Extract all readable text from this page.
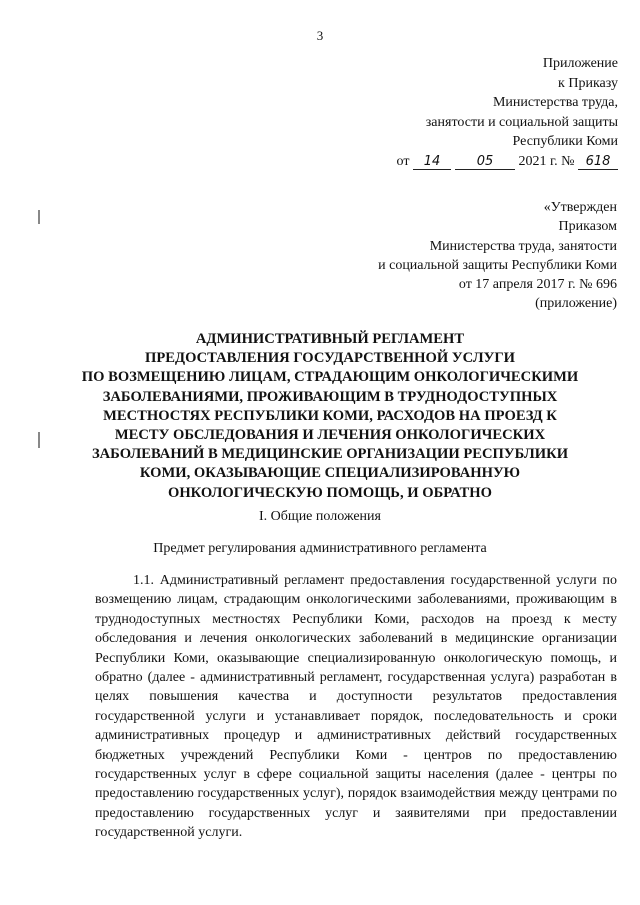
3
Приложение
к Приказу
Министерства труда,
занятости и социальной защиты
Республики Коми
от 14	05 2021 г. № 618
«Утвержден
Приказом
Министерства труда, занятости
и социальной защиты Республики Коми
от 17 апреля 2017 г. № 696
(приложение)
АДМИНИСТРАТИВНЫЙ РЕГЛАМЕНТ
ПРЕДОСТАВЛЕНИЯ ГОСУДАРСТВЕННОЙ УСЛУГИ
ПО ВОЗМЕЩЕНИЮ ЛИЦАМ, СТРАДАЮЩИМ ОНКОЛОГИЧЕСКИМИ
ЗАБОЛЕВАНИЯМИ, ПРОЖИВАЮЩИМ В ТРУДНОДОСТУПНЫХ
МЕСТНОСТЯХ РЕСПУБЛИКИ КОМИ, РАСХОДОВ НА ПРОЕЗД К
МЕСТУ ОБСЛЕДОВАНИЯ И ЛЕЧЕНИЯ ОНКОЛОГИЧЕСКИХ
ЗАБОЛЕВАНИЙ В МЕДИЦИНСКИЕ ОРГАНИЗАЦИИ РЕСПУБЛИКИ
КОМИ, ОКАЗЫВАЮЩИЕ СПЕЦИАЛИЗИРОВАННУЮ
ОНКОЛОГИЧЕСКУЮ ПОМОЩЬ, И ОБРАТНО
I. Общие положения
Предмет регулирования административного регламента

1.1. Административный регламент предоставления государственной услуги по возмещению лицам, страдающим онкологическими заболеваниями, проживающим в труднодоступных местностях Республики Коми, расходов на проезд к месту обследования и лечения онкологических заболеваний в медицинские организации Республики Коми, оказывающие специализированную онкологическую помощь, и обратно (далее - административный регламент, государственная услуга) разработан в целях повышения качества и доступности результатов предоставления государственной услуги и устанавливает порядок, последовательность и сроки административных процедур и административных действий государственных бюджетных учреждений Республики Коми - центров по предоставлению государственных услуг в сфере социальной защиты населения (далее - центры по предоставлению государственных услуг), порядок взаимодействия между центрами по предоставлению государственных услуг и заявителями при предоставлении государственной услуги.
